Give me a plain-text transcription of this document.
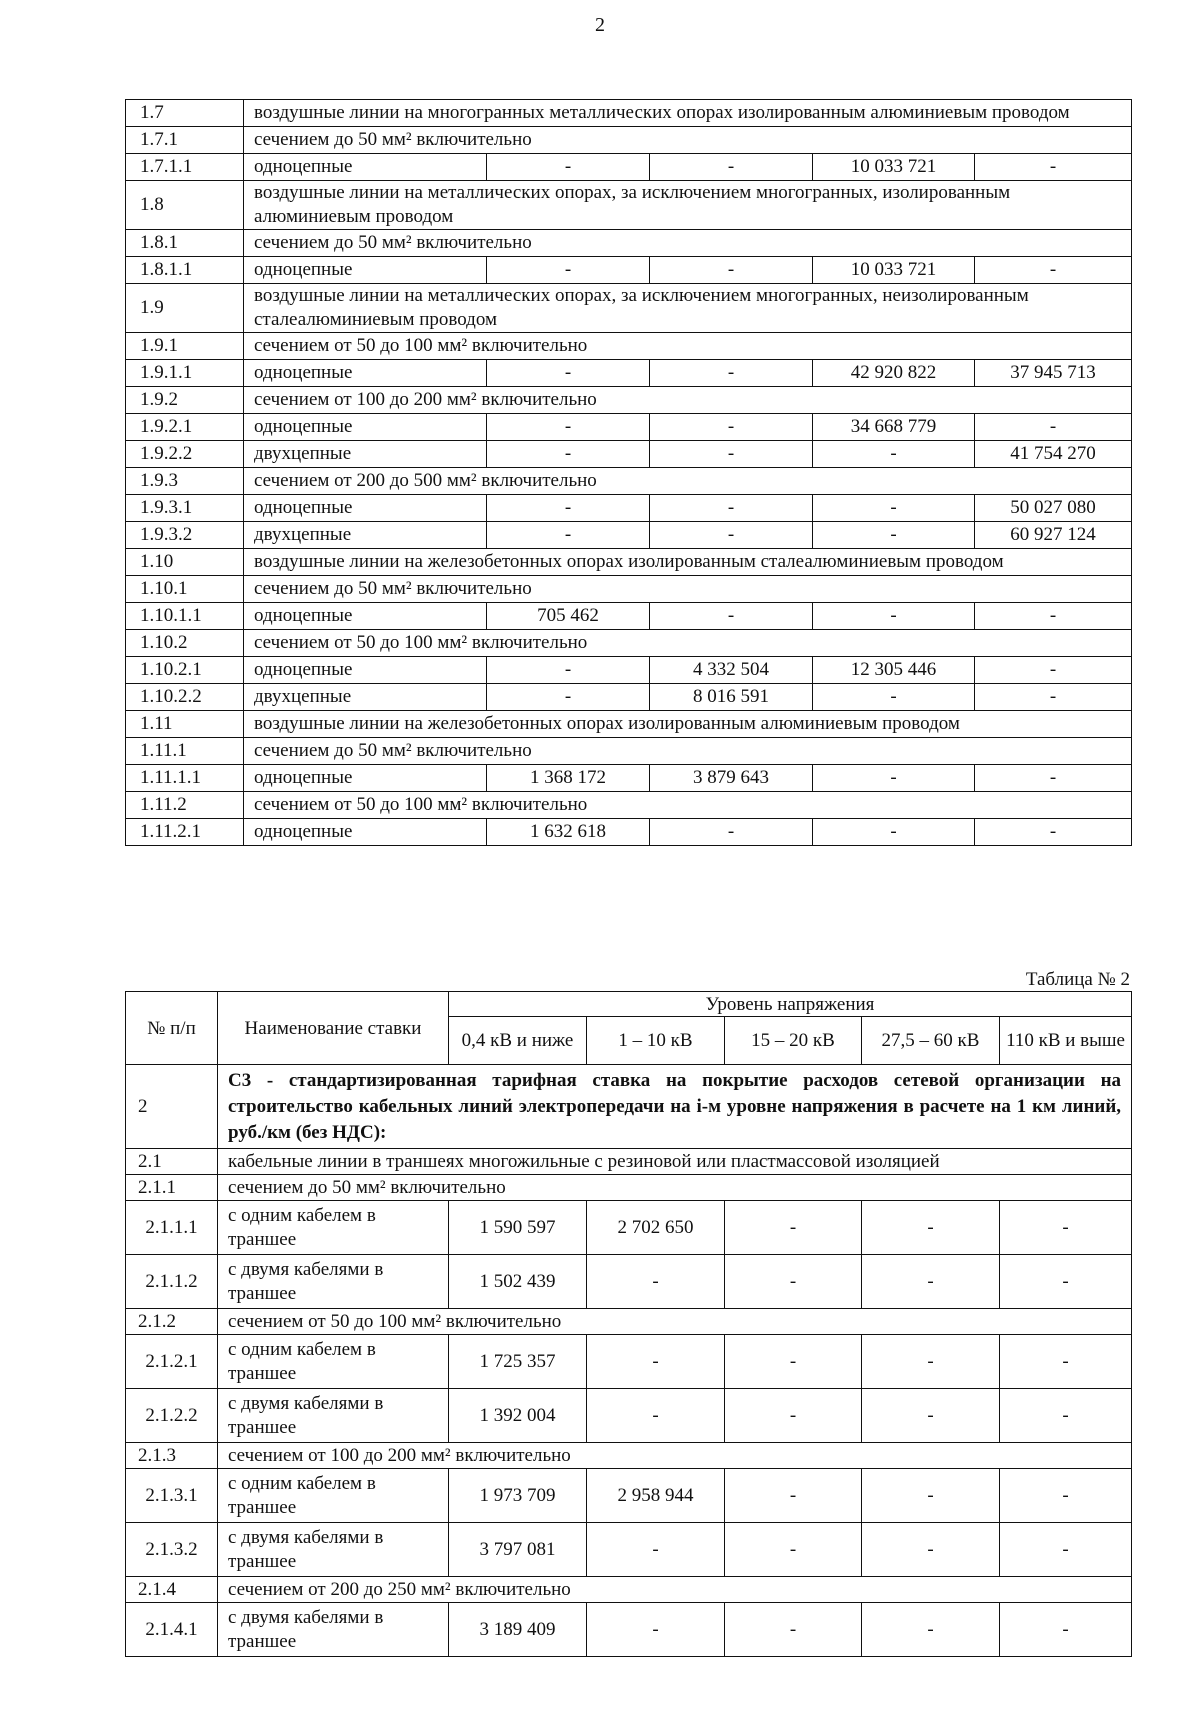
2
1.7	воздушные линии на многогранных металлических опорах изолированным алюминиевым проводом				
1.7.1	сечением до 50 мм² включительно				
1.7.1.1	одноцепные	-	-	10 033 721	-
1.8	воздушные линии на металлических опорах, за исключением многогранных, изолированным алюминиевым проводом				
1.8.1	сечением до 50 мм² включительно				
1.8.1.1	одноцепные	-	-	10 033 721	-
1.9	воздушные линии на металлических опорах, за исключением многогранных, неизолированным сталеалюминиевым проводом				
1.9.1	сечением от 50 до 100 мм² включительно				
1.9.1.1	одноцепные	-	-	42 920 822	37 945 713
1.9.2	сечением от 100 до 200 мм² включительно				
1.9.2.1	одноцепные	-	-	34 668 779	-
1.9.2.2	двухцепные	-	-	-	41 754 270
1.9.3	сечением от 200 до 500 мм² включительно				
1.9.3.1	одноцепные	-	-	-	50 027 080
1.9.3.2	двухцепные	-	-	-	60 927 124
1.10	воздушные линии на железобетонных опорах изолированным сталеалюминиевым проводом				
1.10.1	сечением до 50 мм² включительно				
1.10.1.1	одноцепные	705 462	-	-	-
1.10.2	сечением от 50 до 100 мм² включительно				
1.10.2.1	одноцепные	-	4 332 504	12 305 446	-
1.10.2.2	двухцепные	-	8 016 591	-	-
1.11	воздушные линии на железобетонных опорах изолированным алюминиевым проводом				
1.11.1	сечением до 50 мм² включительно				
1.11.1.1	одноцепные	1 368 172	3 879 643	-	-
1.11.2	сечением от 50 до 100 мм² включительно				
1.11.2.1	одноцепные	1 632 618	-	-	-
Таблица № 2
№ п/п	Наименование ставки	Уровень напряжения				
		0,4 кВ и ниже	1 – 10 кВ	15 – 20 кВ	27,5 – 60 кВ	110 кВ и выше
2	С3 - стандартизированная тарифная ставка на покрытие расходов сетевой организации на строительство кабельных линий электропередачи на i-м уровне напряжения в расчете на 1 км линий, руб./км (без НДС):					
2.1	кабельные линии в траншеях многожильные с резиновой или пластмассовой изоляцией					
2.1.1	сечением до 50 мм² включительно					
2.1.1.1	с одним кабелем в траншее	1 590 597	2 702 650	-	-	-
2.1.1.2	с двумя кабелями в траншее	1 502 439	-	-	-	-
2.1.2	сечением от 50 до 100 мм² включительно					
2.1.2.1	с одним кабелем в траншее	1 725 357	-	-	-	-
2.1.2.2	с двумя кабелями в траншее	1 392 004	-	-	-	-
2.1.3	сечением от 100 до 200 мм² включительно					
2.1.3.1	с одним кабелем в траншее	1 973 709	2 958 944	-	-	-
2.1.3.2	с двумя кабелями в траншее	3 797 081	-	-	-	-
2.1.4	сечением от 200 до 250 мм² включительно					
2.1.4.1	с двумя кабелями в траншее	3 189 409	-	-	-	-
